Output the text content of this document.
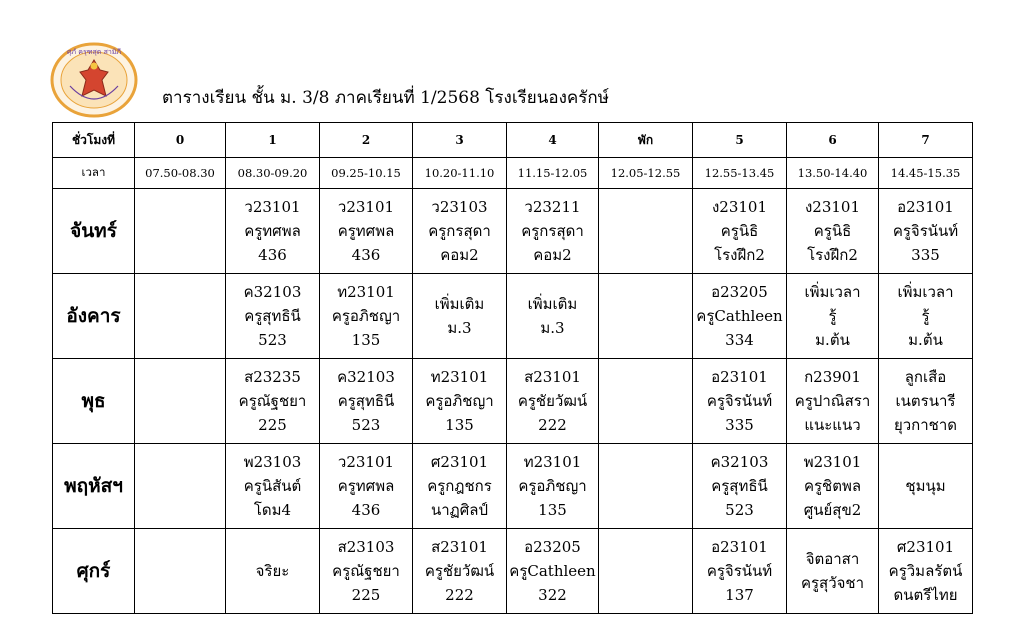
ศุภํ ครุฑสุด สามิภี
ตารางเรียน ชั้น ม. 3/8 ภาคเรียนที่ 1/2568 โรงเรียนองครักษ์
ชั่วโมงที่	0	1	2	3	4	พัก	5	6	7
เวลา	07.50-08.30	08.30-09.20	09.25-10.15	10.20-11.10	11.15-12.05	12.05-12.55	12.55-13.45	13.50-14.40	14.45-15.35
จันทร์		ว23101
ครูทศพล
436	ว23101
ครูทศพล
436	ว23103
ครูกรสุดา
คอม2	ว23211
ครูกรสุดา
คอม2		ง23101
ครูนิธิ
โรงฝึก2	ง23101
ครูนิธิ
โรงฝึก2	อ23101
ครูจิรนันท์
335

อังคาร		ค32103
ครูสุทธินี
523	ท23101
ครูอภิชญา
135	เพิ่มเติม
ม.3	เพิ่มเติม
ม.3		อ23205
ครูCathleen
334	เพิ่มเวลา
รู้
ม.ต้น	เพิ่มเวลา
รู้
ม.ต้น

พุธ		ส23235
ครูณัฐชยา
225	ค32103
ครูสุทธินี
523	ท23101
ครูอภิชญา
135	ส23101
ครูชัยวัฒน์
222		อ23101
ครูจิรนันท์
335	ก23901
ครูปาณิสรา
แนะแนว	ลูกเสือ
เนตรนารี
ยุวกาชาด

พฤหัสฯ		พ23103
ครูนิสันต์
โดม4	ว23101
ครูทศพล
436	ศ23101
ครูกฎชกร
นาฏศิลป์	ท23101
ครูอภิชญา
135		ค32103
ครูสุทธินี
523	พ23101
ครูชิตพล
ศูนย์สุข2	ชุมนุม

ศุกร์		จริยะ	ส23103
ครูณัฐชยา
225	ส23101
ครูชัยวัฒน์
222	อ23205
ครูCathleen
322		อ23101
ครูจิรนันท์
137	จิตอาสา
ครูสุวัจชา	ศ23101
ครูวิมลรัตน์
ดนตรีไทย
